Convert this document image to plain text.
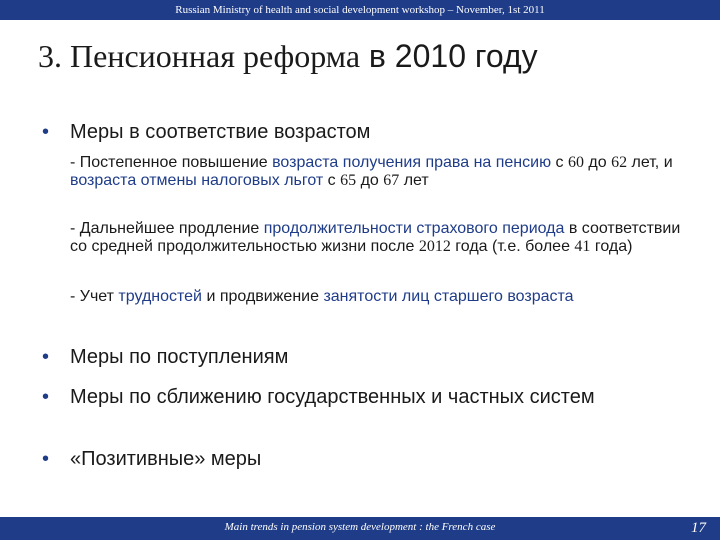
Russian Ministry of health and social development workshop – November, 1st 2011
3. Пенсионная реформа в 2010 году
•	Меры в соответствие возрастом
- Постепенное повышение возраста получения права на пенсию с 60 до 62 лет, и возраста отмены налоговых льгот с 65 до 67 лет
- Дальнейшее продление продолжительности страхового периода в соответствии со средней продолжительностью жизни после 2012 года (т.е. более 41 года)
- Учет трудностей и продвижение занятости лиц старшего возраста
•	Меры по поступлениям
•	Меры по сближению государственных и частных систем
•	«Позитивные» меры
Main trends in pension system development : the French case	17
